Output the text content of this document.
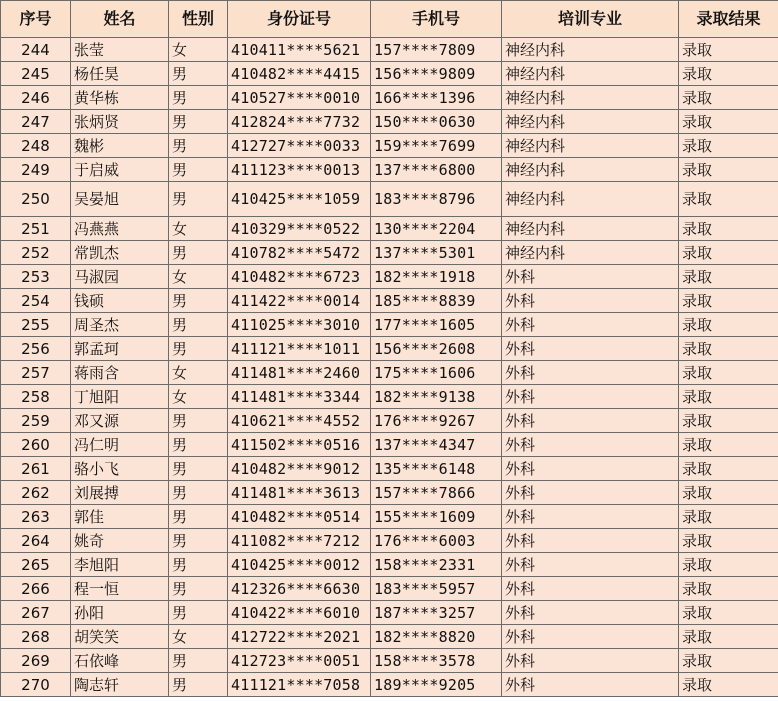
序号	姓名	性别	身份证号	手机号	培训专业	录取结果
244	张莹	女	410411****5621	157****7809	神经内科	录取
245	杨任昊	男	410482****4415	156****9809	神经内科	录取
246	黄华栋	男	410527****0010	166****1396	神经内科	录取
247	张炳贤	男	412824****7732	150****0630	神经内科	录取
248	魏彬	男	412727****0033	159****7699	神经内科	录取
249	于启威	男	411123****0013	137****6800	神经内科	录取
250	吴晏旭	男	410425****1059	183****8796	神经内科	录取
251	冯燕燕	女	410329****0522	130****2204	神经内科	录取
252	常凯杰	男	410782****5472	137****5301	神经内科	录取
253	马淑园	女	410482****6723	182****1918	外科	录取
254	钱硕	男	411422****0014	185****8839	外科	录取
255	周圣杰	男	411025****3010	177****1605	外科	录取
256	郭孟珂	男	411121****1011	156****2608	外科	录取
257	蒋雨含	女	411481****2460	175****1606	外科	录取
258	丁旭阳	女	411481****3344	182****9138	外科	录取
259	邓又源	男	410621****4552	176****9267	外科	录取
260	冯仁明	男	411502****0516	137****4347	外科	录取
261	骆小飞	男	410482****9012	135****6148	外科	录取
262	刘展搏	男	411481****3613	157****7866	外科	录取
263	郭佳	男	410482****0514	155****1609	外科	录取
264	姚奇	男	411082****7212	176****6003	外科	录取
265	李旭阳	男	410425****0012	158****2331	外科	录取
266	程一恒	男	412326****6630	183****5957	外科	录取
267	孙阳	男	410422****6010	187****3257	外科	录取
268	胡笑笑	女	412722****2021	182****8820	外科	录取
269	石依峰	男	412723****0051	158****3578	外科	录取
270	陶志轩	男	411121****7058	189****9205	外科	录取
